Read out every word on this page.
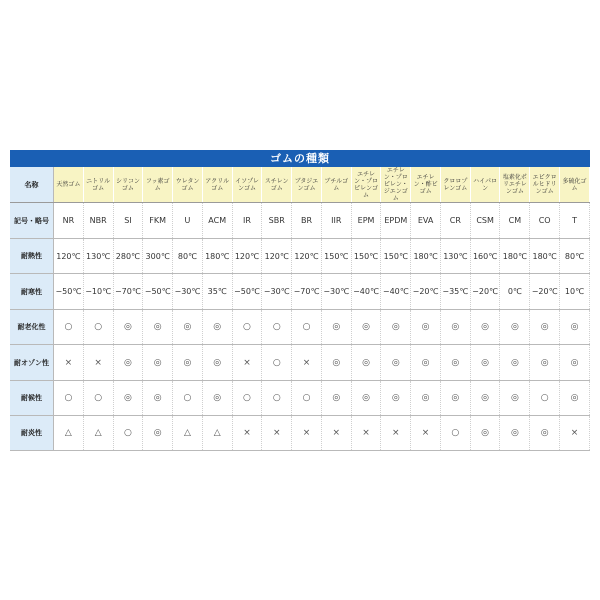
ゴムの種類
名称	天然ゴム	ニトリルゴム	シリコンゴム	フッ素ゴム	ウレタンゴム	アクリルゴム	イソプレンゴム	スチレンゴム	ブタジエンゴム	ブチルゴム	エチレン・プロピレンゴム	エチレン・プロピレン・ジエンゴム	エチレン・酢ビゴム	クロロプレンゴム	ハイパロン	塩素化ポリエチレンゴム	エピクロルヒドリンゴム	多硫化ゴム
記号・略号	NR	NBR	SI	FKM	U	ACM	IR	SBR	BR	IIR	EPM	EPDM	EVA	CR	CSM	CM	CO	T
耐熱性	120℃	130℃	280℃	300℃	80℃	180℃	120℃	120℃	120℃	150℃	150℃	150℃	180℃	130℃	160℃	180℃	180℃	80℃
耐寒性	−50℃	−10℃	−70℃	−50℃	−30℃	35℃	−50℃	−30℃	−70℃	−30℃	−40℃	−40℃	−20℃	−35℃	−20℃	0℃	−20℃	10℃
耐老化性	○	○	◎	◎	◎	◎	○	○	○	◎	◎	◎	◎	◎	◎	◎	◎	◎
耐オゾン性	×	×	◎	◎	◎	◎	×	○	×	◎	◎	◎	◎	◎	◎	◎	◎	◎
耐候性	○	○	◎	◎	○	◎	○	○	○	◎	◎	◎	◎	◎	◎	◎	○	◎
耐炎性	△	△	○	◎	△	△	×	×	×	×	×	×	×	○	◎	◎	◎	×
